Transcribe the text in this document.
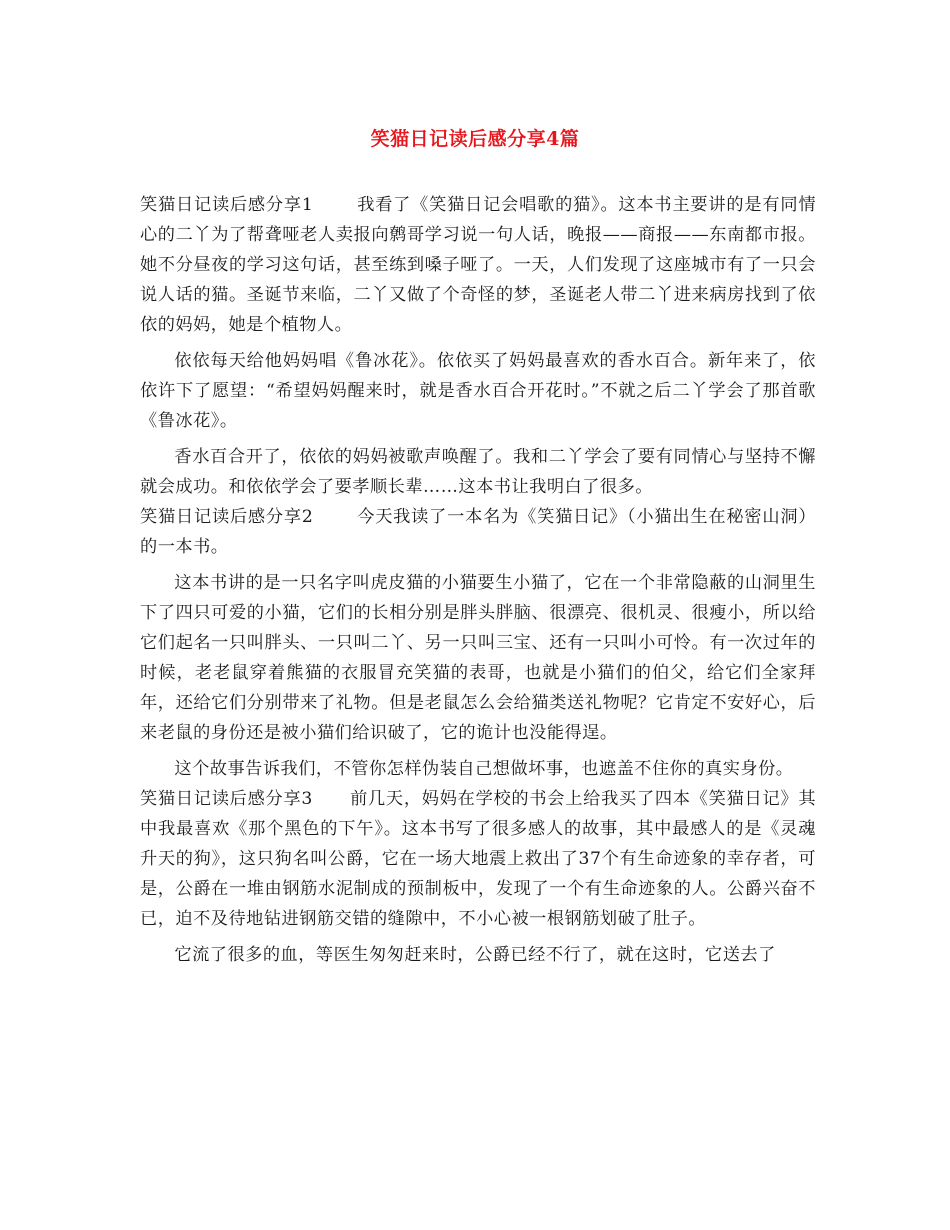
笑猫日记读后感分享4篇

笑猫日记读后感分享1	我看了《笑猫日记会唱歌的猫》。这本书主要讲的是有同情心的二丫为了帮聋哑老人卖报向鹩哥学习说一句人话，晚报——商报——东南都市报。她不分昼夜的学习这句话，甚至练到嗓子哑了。一天，人们发现了这座城市有了一只会说人话的猫。圣诞节来临，二丫又做了个奇怪的梦，圣诞老人带二丫进来病房找到了依依的妈妈，她是个植物人。

依依每天给他妈妈唱《鲁冰花》。依依买了妈妈最喜欢的香水百合。新年来了，依依许下了愿望：“希望妈妈醒来时，就是香水百合开花时。”不就之后二丫学会了那首歌《鲁冰花》。

香水百合开了，依依的妈妈被歌声唤醒了。我和二丫学会了要有同情心与坚持不懈就会成功。和依依学会了要孝顺长辈……这本书让我明白了很多。

笑猫日记读后感分享2	今天我读了一本名为《笑猫日记》（小猫出生在秘密山洞）的一本书。

这本书讲的是一只名字叫虎皮猫的小猫要生小猫了，它在一个非常隐蔽的山洞里生下了四只可爱的小猫，它们的长相分别是胖头胖脑、很漂亮、很机灵、很瘦小，所以给它们起名一只叫胖头、一只叫二丫、另一只叫三宝、还有一只叫小可怜。有一次过年的时候，老老鼠穿着熊猫的衣服冒充笑猫的表哥，也就是小猫们的伯父，给它们全家拜年，还给它们分别带来了礼物。但是老鼠怎么会给猫类送礼物呢？它肯定不安好心，后来老鼠的身份还是被小猫们给识破了，它的诡计也没能得逞。

这个故事告诉我们，不管你怎样伪装自己想做坏事，也遮盖不住你的真实身份。

笑猫日记读后感分享3 前几天，妈妈在学校的书会上给我买了四本《笑猫日记》其中我最喜欢《那个黑色的下午》。这本书写了很多感人的故事，其中最感人的是《灵魂升天的狗》，这只狗名叫公爵，它在一场大地震上救出了37个有生命迹象的幸存者，可是，公爵在一堆由钢筋水泥制成的预制板中，发现了一个有生命迹象的人。公爵兴奋不已，迫不及待地钻进钢筋交错的缝隙中，不小心被一根钢筋划破了肚子。

它流了很多的血，等医生匆匆赶来时，公爵已经不行了，就在这时，它送去了
